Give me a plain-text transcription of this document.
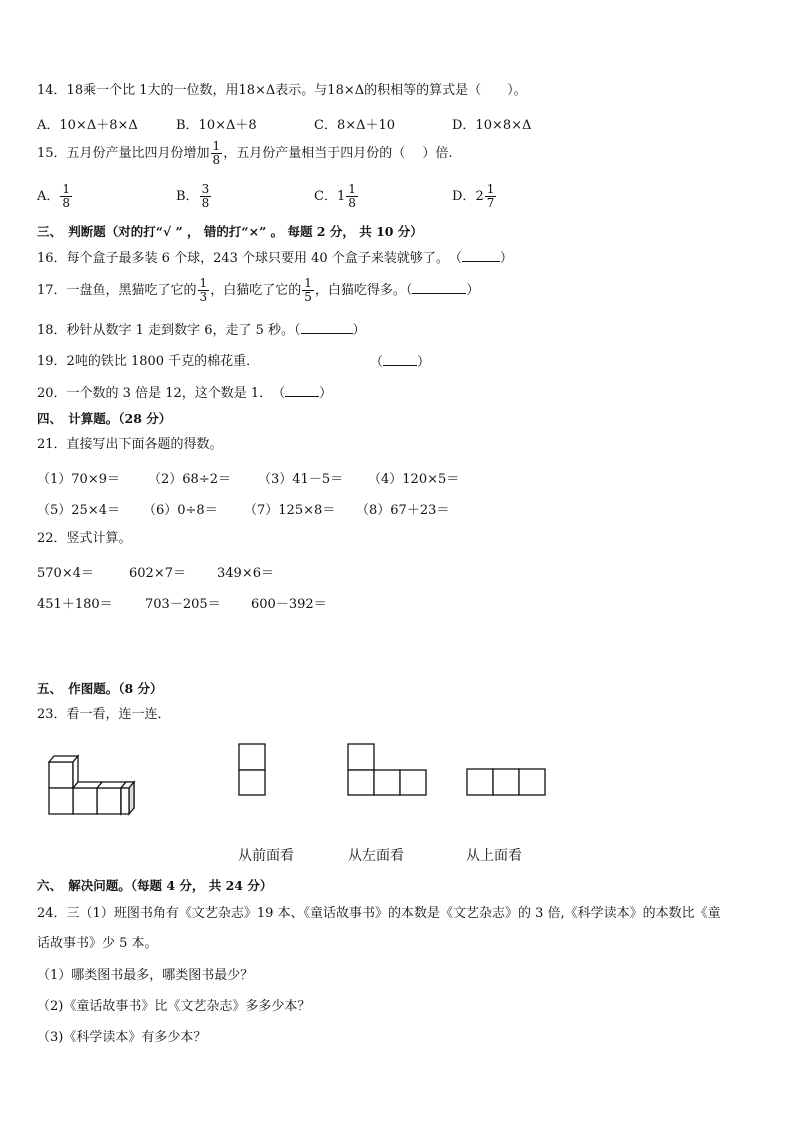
14．18乘一个比 1大的一位数，用18×Δ表示。与18×Δ的积相等的算式是（　　）。
A．10×Δ＋8×Δ	B．10×Δ＋8	C．8×Δ＋10	D．10×8×Δ
15．五月份产量比四月份增加 $\frac{1}{8}$ ，五月份产量相当于四月份的（　 ）倍.
A． $\frac{1}{8}$	B． $\frac{3}{8}$	C．$1 \frac{1}{8}$	D．$2 \frac{1}{7}$
三、　判断题（对的打“√ ” ， 错的打“×” 。 每题 2 分， 共 10 分）
16．每个盒子最多装 6 个球，243 个球只要用 40 个盒子来装就够了。　（	）
17．一盘鱼，黑猫吃了它的 $\frac{1}{3}$ ，白猫吃了它的 $\frac{1}{5}$ ，白猫吃得多。（	）
18．秒针从数字 1 走到数字 6，走了 5 秒。（	）
19．2吨的铁比 1800 千克的棉花重．	（	）
20．一个数的 3 倍是 12，这个数是 1．　（	）
四、　计算题。（28 分）
21．直接写出下面各题的得数。
（1）70×9＝ （2）68÷2＝ （3）41－5＝ （4）120×5＝
（5）25×4＝ （6）0÷8＝ （7）125×8＝ （8）67＋23＝
22．竖式计算。
570×4＝	602×7＝ 349×6＝
451＋180＝ 703－205＝ 600－392＝
五、　作图题。（8 分）
23．看一看，连一连．
从前面看	从左面看	从上面看
六、　解决问题。（每题 4 分， 共 24 分）
24．三（1）班图书角有《文艺杂志》19 本、《童话故事书》的本数是《文艺杂志》的 3 倍,《科学读本》的本数比《童
话故事书》少 5 本。
（1）哪类图书最多，哪类图书最少？
（2)《童话故事书》比《文艺杂志》多多少本？
（3)《科学读本》有多少本？
